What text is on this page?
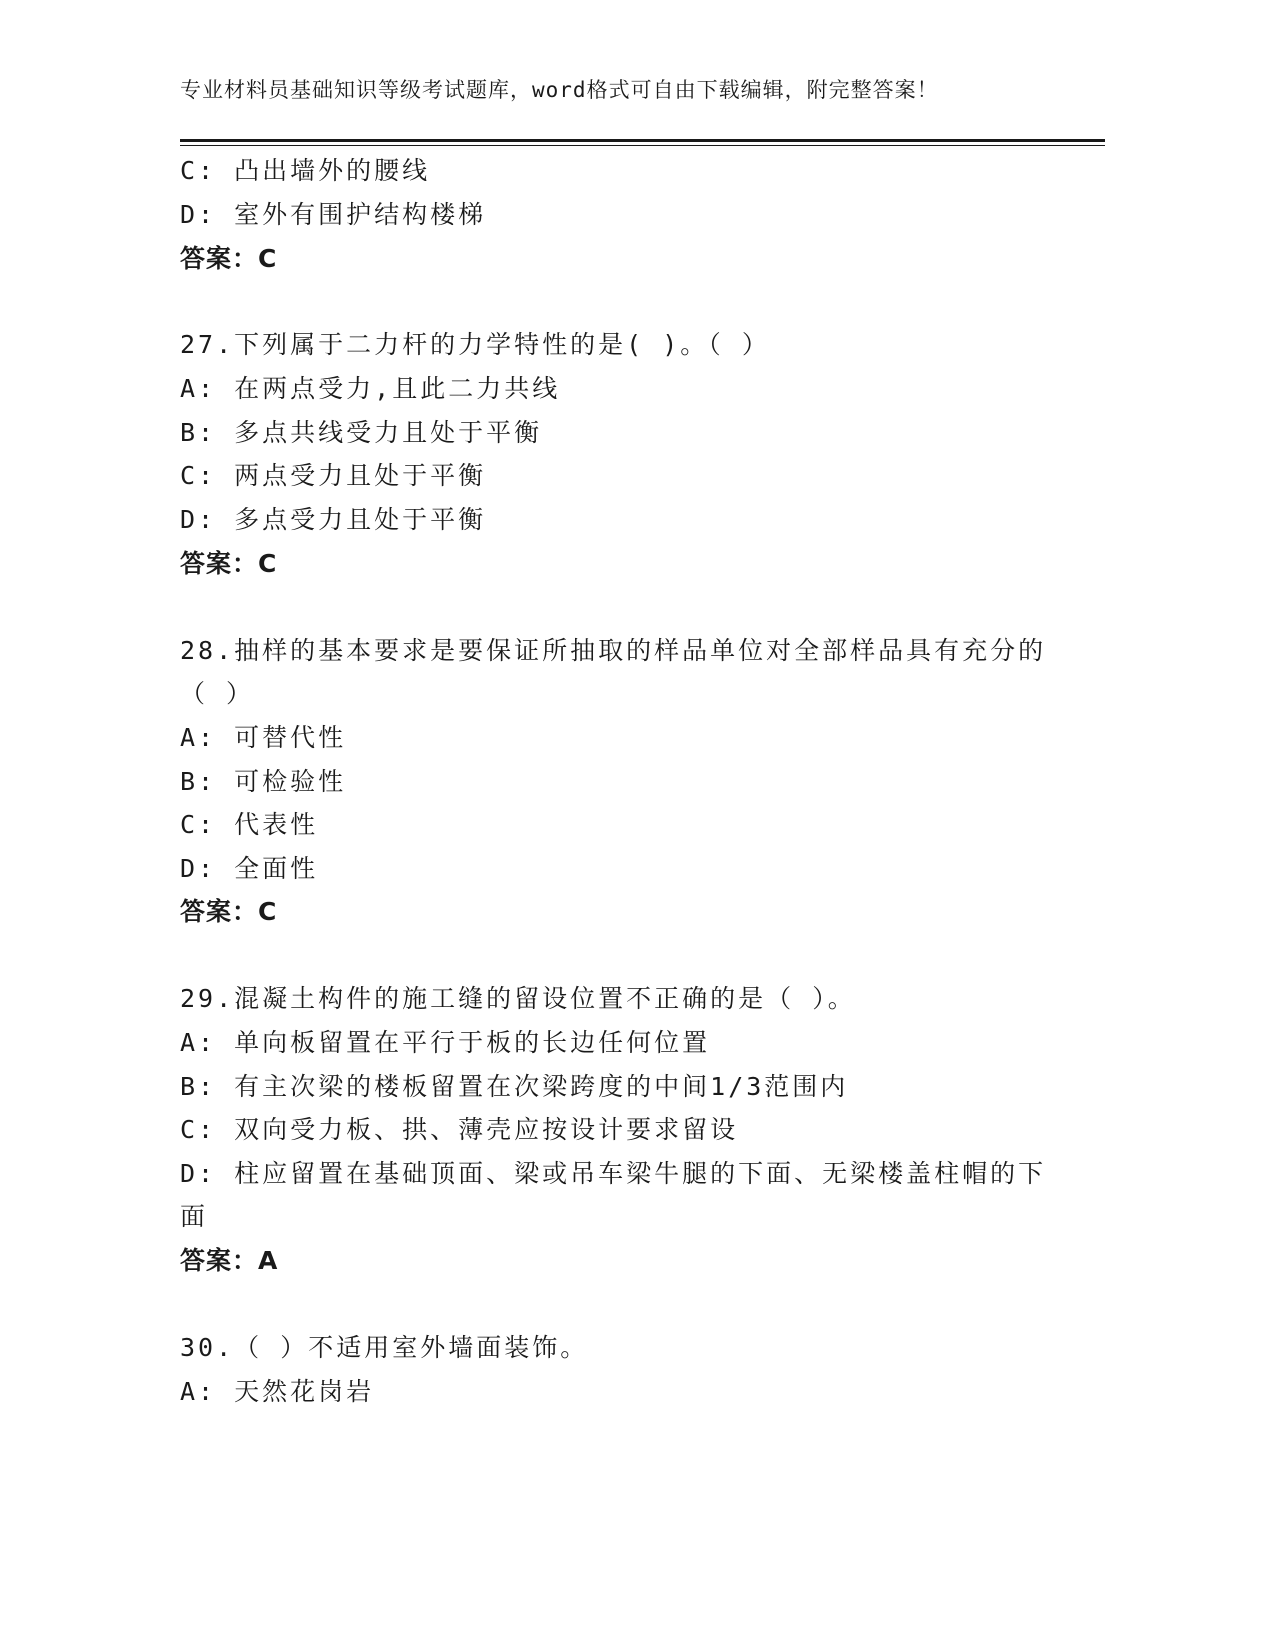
专业材料员基础知识等级考试题库，word格式可自由下载编辑，附完整答案！
C: 凸出墙外的腰线
D: 室外有围护结构楼梯
答案：C
27.下列属于二力杆的力学特性的是( )。（ ）
A: 在两点受力,且此二力共线
B: 多点共线受力且处于平衡
C: 两点受力且处于平衡
D: 多点受力且处于平衡
答案：C
28.抽样的基本要求是要保证所抽取的样品单位对全部样品具有充分的
（ ）
A: 可替代性
B: 可检验性
C: 代表性
D: 全面性
答案：C
29.混凝土构件的施工缝的留设位置不正确的是（ ）。
A: 单向板留置在平行于板的长边任何位置
B: 有主次梁的楼板留置在次梁跨度的中间1/3范围内
C: 双向受力板、拱、薄壳应按设计要求留设
D: 柱应留置在基础顶面、梁或吊车梁牛腿的下面、无梁楼盖柱帽的下
面
答案：A
30.（ ）不适用室外墙面装饰。
A: 天然花岗岩
